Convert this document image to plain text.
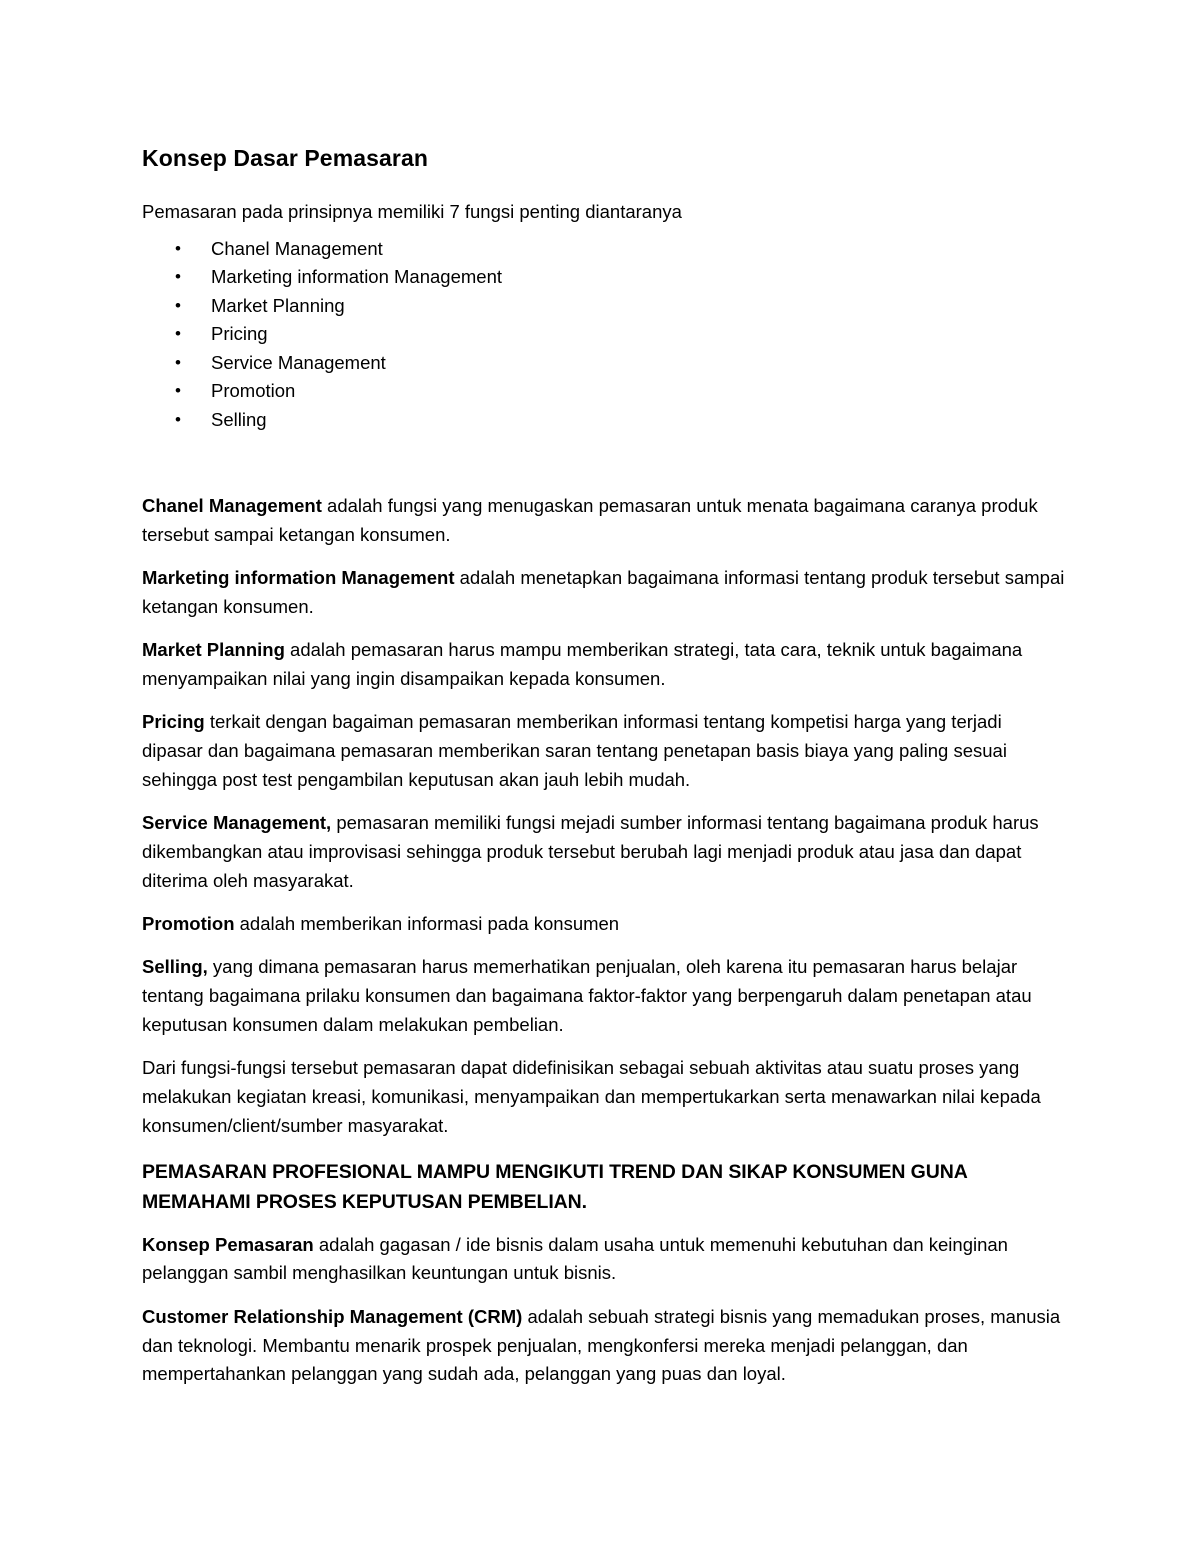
Konsep Dasar Pemasaran
Pemasaran pada prinsipnya memiliki 7 fungsi penting diantaranya
• Chanel Management
• Marketing information Management
• Market Planning
• Pricing
• Service Management
• Promotion
• Selling

Chanel Management adalah fungsi yang menugaskan pemasaran untuk menata bagaimana caranya produk tersebut sampai ketangan konsumen.

Marketing information Management adalah menetapkan bagaimana informasi tentang produk tersebut sampai ketangan konsumen.

Market Planning adalah pemasaran harus mampu memberikan strategi, tata cara, teknik untuk bagaimana menyampaikan nilai yang ingin disampaikan kepada konsumen.

Pricing terkait dengan bagaiman pemasaran memberikan informasi tentang kompetisi harga yang terjadi dipasar dan bagaimana pemasaran memberikan saran tentang penetapan basis biaya yang paling sesuai sehingga post test pengambilan keputusan akan jauh lebih mudah.

Service Management, pemasaran memiliki fungsi mejadi sumber informasi tentang bagaimana produk harus dikembangkan atau improvisasi sehingga produk tersebut berubah lagi menjadi produk atau jasa dan dapat diterima oleh masyarakat.

Promotion adalah memberikan informasi pada konsumen

Selling, yang dimana pemasaran harus memerhatikan penjualan, oleh karena itu pemasaran harus belajar tentang bagaimana prilaku konsumen dan bagaimana faktor-faktor yang berpengaruh dalam penetapan atau keputusan konsumen dalam melakukan pembelian.

Dari fungsi-fungsi tersebut pemasaran dapat didefinisikan sebagai sebuah aktivitas atau suatu proses yang melakukan kegiatan kreasi, komunikasi, menyampaikan dan mempertukarkan serta menawarkan nilai kepada konsumen/client/sumber masyarakat.

PEMASARAN PROFESIONAL MAMPU MENGIKUTI TREND DAN SIKAP KONSUMEN GUNA MEMAHAMI PROSES KEPUTUSAN PEMBELIAN.

Konsep Pemasaran adalah gagasan / ide bisnis dalam usaha untuk memenuhi kebutuhan dan keinginan pelanggan sambil menghasilkan keuntungan untuk bisnis.

Customer Relationship Management (CRM) adalah sebuah strategi bisnis yang memadukan proses, manusia dan teknologi. Membantu menarik prospek penjualan, mengkonfersi mereka menjadi pelanggan, dan mempertahankan pelanggan yang sudah ada, pelanggan yang puas dan loyal.
